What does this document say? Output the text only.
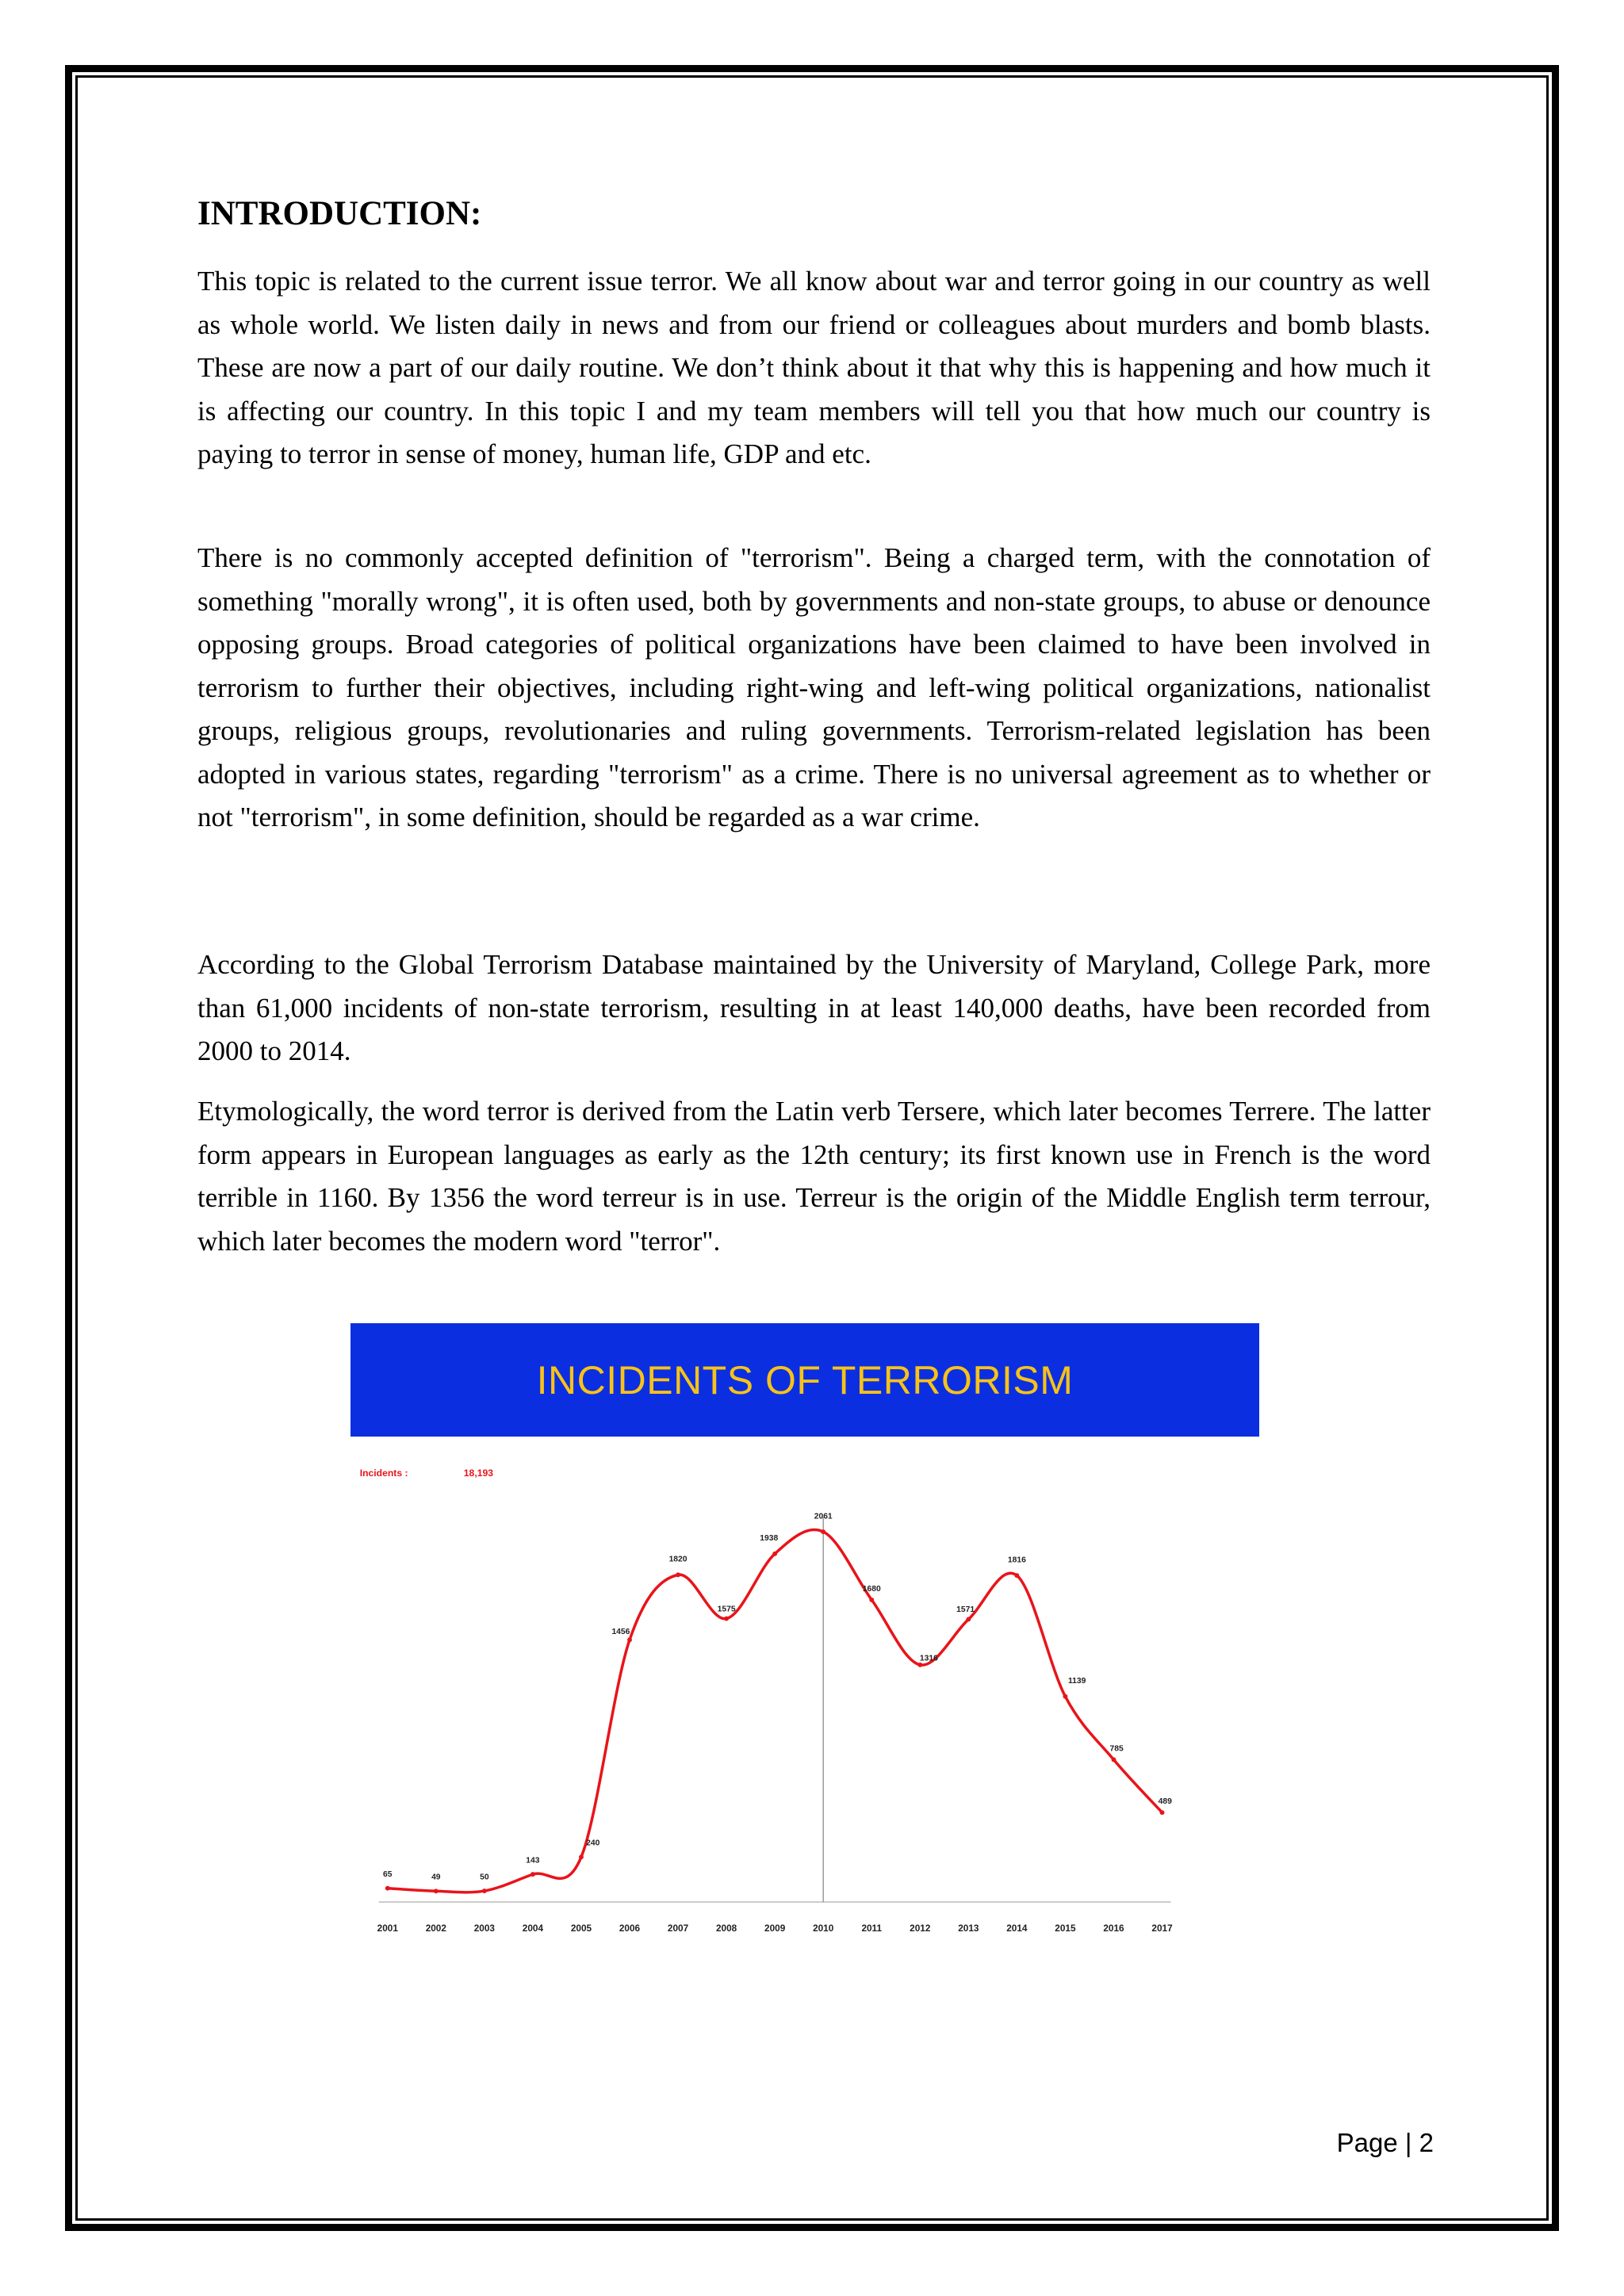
INTRODUCTION:

This topic is related to the current issue terror. We all know about war and terror going in our country as well as whole world. We listen daily in news and from our friend or colleagues about murders and bomb blasts. These are now a part of our daily routine. We don’t think about it that why this is happening and how much it is affecting our country. In this topic I and my team members will tell you that how much our country is paying to terror in sense of money, human life, GDP and etc.

There is no commonly accepted definition of "terrorism". Being a charged term, with the connotation of something "morally wrong", it is often used, both by governments and non-state groups, to abuse or denounce opposing groups. Broad categories of political organizations have been claimed to have been involved in terrorism to further their objectives, including right-wing and left-wing political organizations, nationalist groups, religious groups, revolutionaries and ruling governments. Terrorism-related legislation has been adopted in various states, regarding "terrorism" as a crime. There is no universal agreement as to whether or not "terrorism", in some definition, should be regarded as a war crime.

According to the Global Terrorism Database maintained by the University of Maryland, College Park, more than 61,000 incidents of non-state terrorism, resulting in at least 140,000 deaths, have been recorded from 2000 to 2014.

Etymologically, the word terror is derived from the Latin verb Tersere, which later becomes Terrere. The latter form appears in European languages as early as the 12th century; its first known use in French is the word terrible in 1160. By 1356 the word terreur is in use. Terreur is the origin of the Middle English term terrour, which later becomes the modern word "terror".

INCIDENTS OF TERRORISM
Incidents :	18,193
65
2001
49
2002
50
2003
143
2004
240
2005
1456
2006
1820
2007
1575
2008
1938
2009
2061
2010
1680
2011
1316
2012
1571
2013
1816
2014
1139
2015
785
2016
489
2017
Page | 2
